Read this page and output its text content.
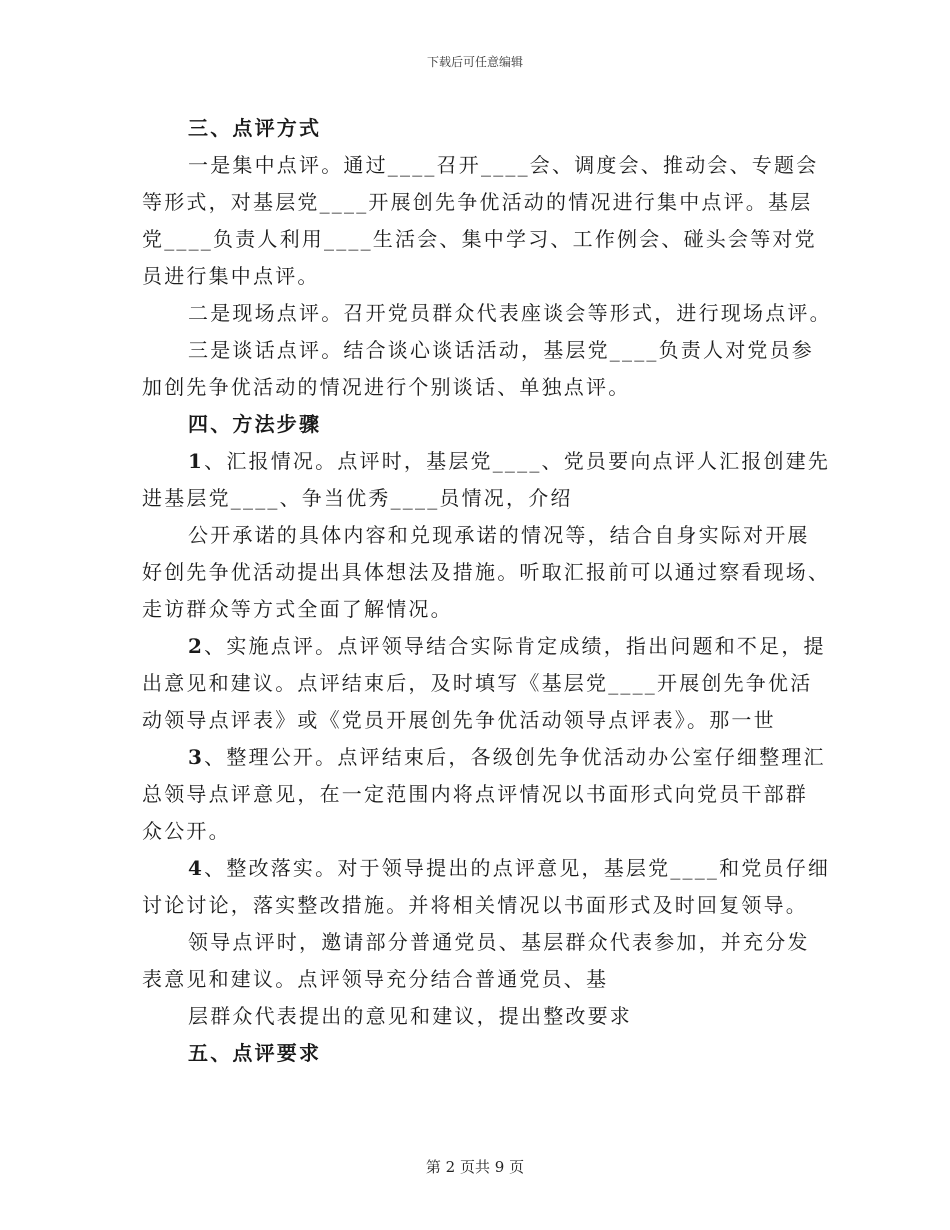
下载后可任意编辑

三、点评方式

一是集中点评。通过____召开____会、调度会、推动会、专题会

等形式，对基层党____开展创先争优活动的情况进行集中点评。基层

党____负责人利用____生活会、集中学习、工作例会、碰头会等对党

员进行集中点评。

二是现场点评。召开党员群众代表座谈会等形式，进行现场点评。

三是谈话点评。结合谈心谈话活动，基层党____负责人对党员参

加创先争优活动的情况进行个别谈话、单独点评。

四、方法步骤

1、汇报情况。点评时，基层党____、党员要向点评人汇报创建先

进基层党____、争当优秀____员情况，介绍

公开承诺的具体内容和兑现承诺的情况等，结合自身实际对开展

好创先争优活动提出具体想法及措施。听取汇报前可以通过察看现场、

走访群众等方式全面了解情况。

2、实施点评。点评领导结合实际肯定成绩，指出问题和不足，提

出意见和建议。点评结束后，及时填写《基层党____开展创先争优活

动领导点评表》或《党员开展创先争优活动领导点评表》。那一世

3、整理公开。点评结束后，各级创先争优活动办公室仔细整理汇

总领导点评意见，在一定范围内将点评情况以书面形式向党员干部群

众公开。

4、整改落实。对于领导提出的点评意见，基层党____和党员仔细

讨论讨论，落实整改措施。并将相关情况以书面形式及时回复领导。

领导点评时，邀请部分普通党员、基层群众代表参加，并充分发

表意见和建议。点评领导充分结合普通党员、基

层群众代表提出的意见和建议，提出整改要求

五、点评要求

第 2 页共 9 页
